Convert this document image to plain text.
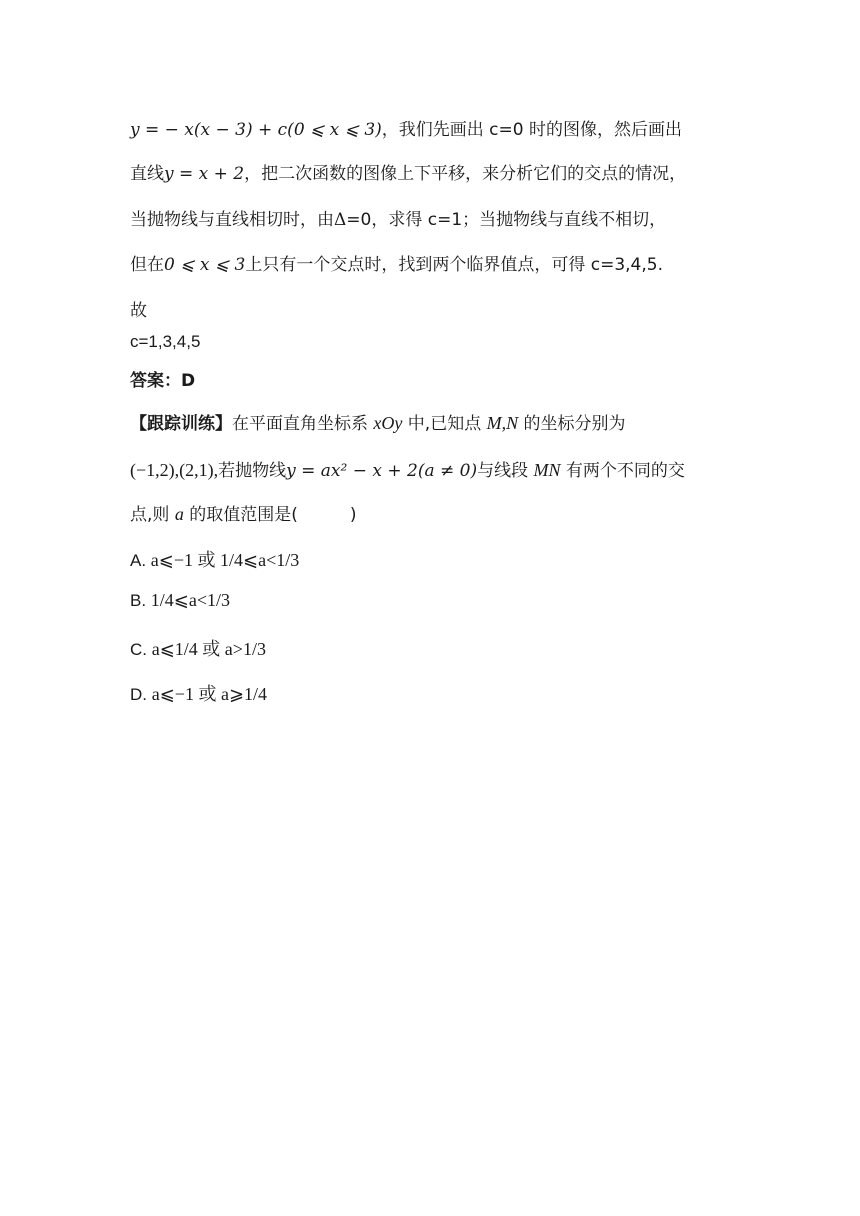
y = − x(x − 3) + c(0 ⩽ x ⩽ 3)，我们先画出 c=0 时的图像，然后画出
直线y = x + 2，把二次函数的图像上下平移，来分析它们的交点的情况，
当抛物线与直线相切时，由Δ=0，求得 c=1；当抛物线与直线不相切，
但在0 ⩽ x ⩽ 3上只有一个交点时，找到两个临界值点，可得 c=3,4,5.
故
c=1,3,4,5
答案：D
【跟踪训练】在平面直角坐标系 xOy 中,已知点 M,N 的坐标分别为
(−1,2),(2,1),若抛物线y = ax² − x + 2(a ≠ 0)与线段 MN 有两个不同的交
点,则 a 的取值范围是(	)
A. a⩽−1 或 1/4⩽a<1/3
B. 1/4⩽a<1/3
C. a⩽1/4 或 a>1/3
D. a⩽−1 或 a⩾1/4
